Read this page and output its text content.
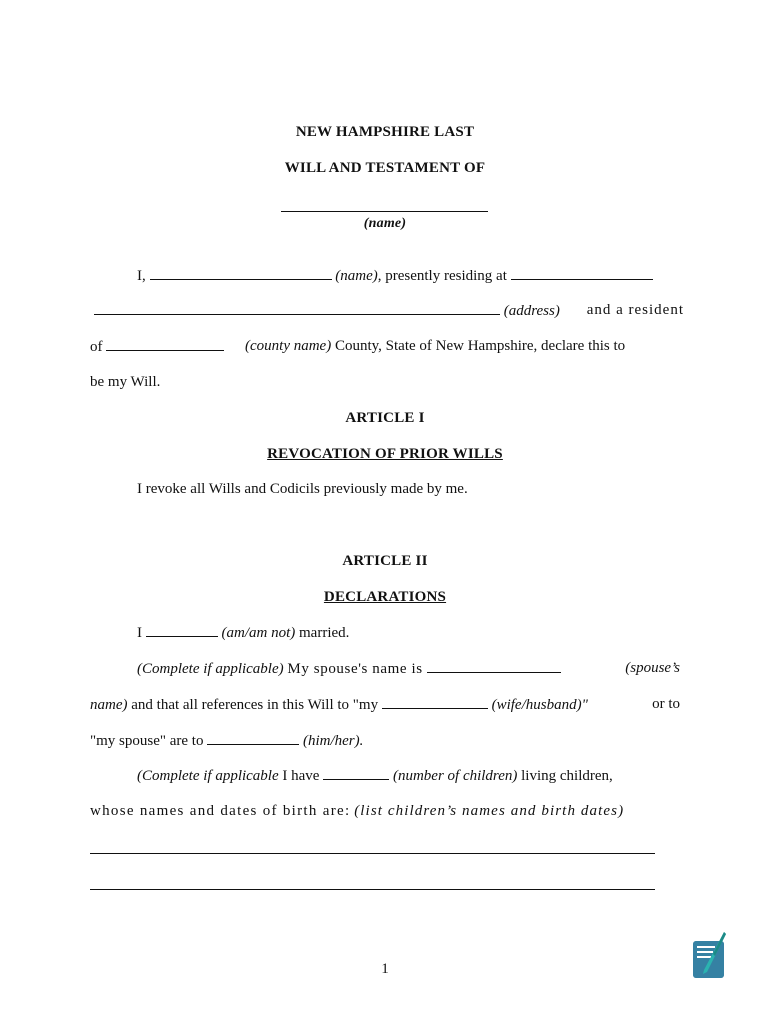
NEW HAMPSHIRE LAST
WILL AND TESTAMENT OF
(name)
I,	(name), presently residing at
(address) and a resident
of	(county name) County, State of New Hampshire, declare this to
be my Will.
ARTICLE I
REVOCATION OF PRIOR WILLS
I revoke all Wills and Codicils previously made by me.
ARTICLE II
DECLARATIONS
I	(am/am not) married.
(Complete if applicable) My spouse's name is	(spouse’s
name) and that all references in this Will to "my	(wife/husband)"	or to
"my spouse" are to	(him/her).
(Complete if applicable I have	(number of children) living children,
whose names and dates of birth are: (list children’s names and birth dates)
1
